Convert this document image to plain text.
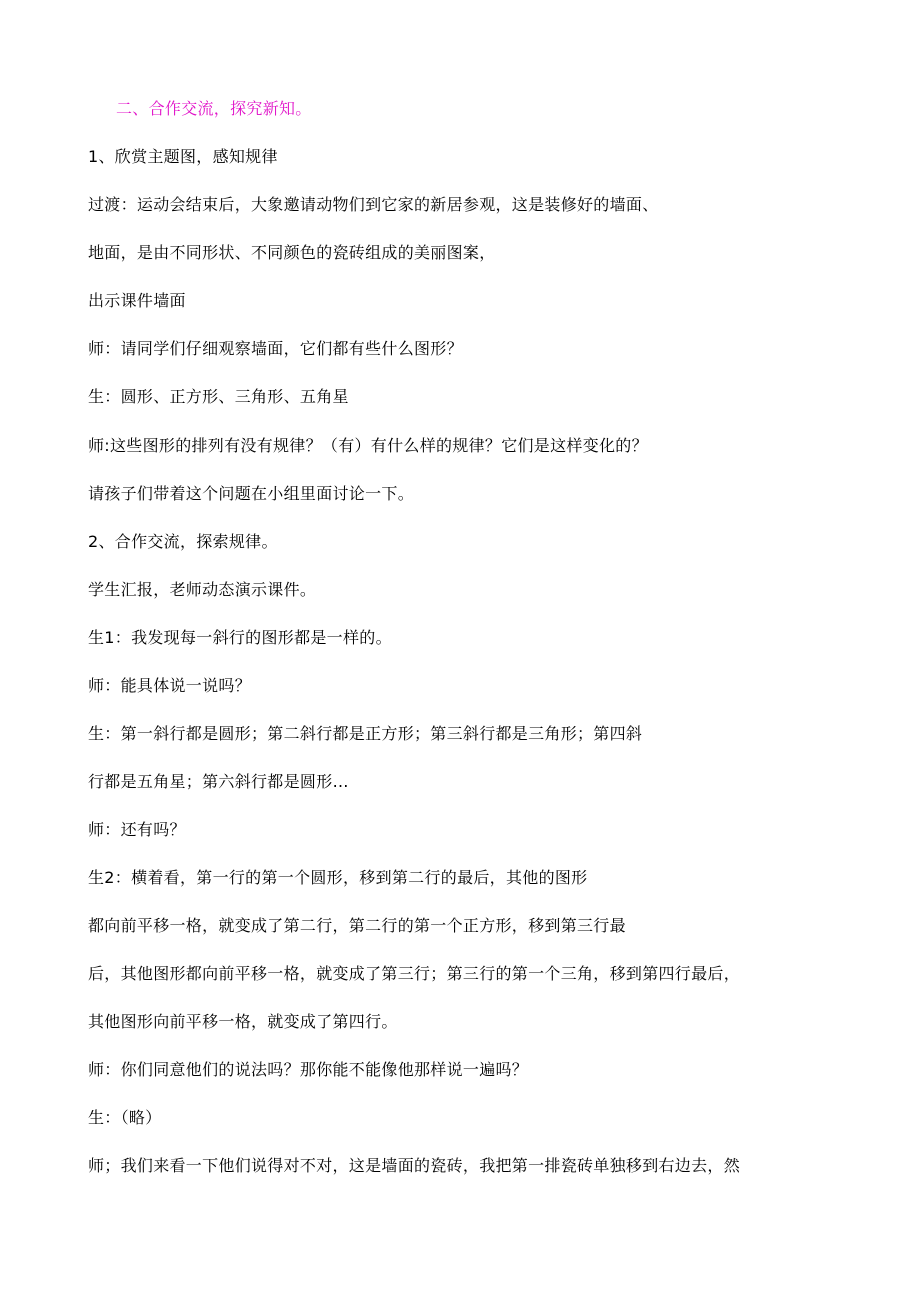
二、合作交流，探究新知。
1、欣赏主题图，感知规律
过渡：运动会结束后，大象邀请动物们到它家的新居参观，这是装修好的墙面、
地面，是由不同形状、不同颜色的瓷砖组成的美丽图案，
出示课件墙面
师：请同学们仔细观察墙面，它们都有些什么图形？
生：圆形、正方形、三角形、五角星
师:这些图形的排列有没有规律？（有）有什么样的规律？它们是这样变化的？
请孩子们带着这个问题在小组里面讨论一下。
2、合作交流，探索规律。
学生汇报，老师动态演示课件。
生1：我发现每一斜行的图形都是一样的。
师：能具体说一说吗？
生：第一斜行都是圆形；第二斜行都是正方形；第三斜行都是三角形；第四斜
行都是五角星；第六斜行都是圆形…
师：还有吗？
生2：横着看，第一行的第一个圆形，移到第二行的最后，其他的图形
都向前平移一格，就变成了第二行，第二行的第一个正方形，移到第三行最
后，其他图形都向前平移一格，就变成了第三行；第三行的第一个三角，移到第四行最后，
其他图形向前平移一格，就变成了第四行。
师：你们同意他们的说法吗？那你能不能像他那样说一遍吗？
生：（略）
师；我们来看一下他们说得对不对，这是墙面的瓷砖，我把第一排瓷砖单独移到右边去，然
